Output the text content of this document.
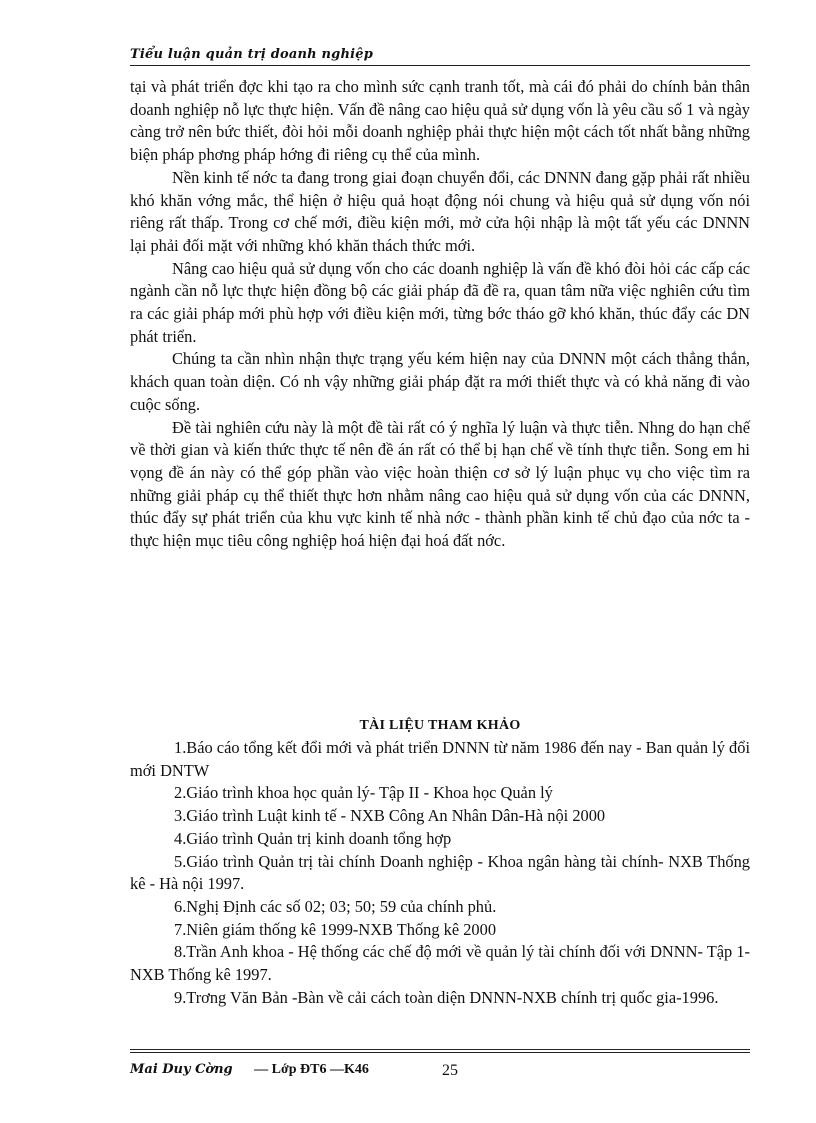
Tiểu luận quản trị doanh nghiệp

tại và phát triển đợc khi tạo ra cho mình sức cạnh tranh tốt, mà cái đó phải do chính bản thân doanh nghiệp nỗ lực thực hiện. Vấn đề nâng cao hiệu quả sử dụng vốn là yêu cầu số 1 và ngày càng trở nên bức thiết, đòi hỏi mỗi doanh nghiệp phải thực hiện một cách tốt nhất bằng những biện pháp phơng pháp hớng đi riêng cụ thể của mình.

Nền kinh tế nớc ta đang trong giai đoạn chuyển đổi, các DNNN đang gặp phải rất nhiều khó khăn vớng mắc, thể hiện ở hiệu quả hoạt động nói chung và hiệu quả sử dụng vốn nói riêng rất thấp. Trong cơ chế mới, điều kiện mới, mở cửa hội nhập là một tất yếu các DNNN lại phải đối mặt với những khó khăn thách thức mới.

Nâng cao hiệu quả sử dụng vốn cho các doanh nghiệp là vấn đề khó đòi hỏi các cấp các ngành cần nỗ lực thực hiện đồng bộ các giải pháp đã đề ra, quan tâm nữa việc nghiên cứu tìm ra các giải pháp mới phù hợp với điều kiện mới, từng bớc tháo gỡ khó khăn, thúc đẩy các DN phát triển.

Chúng ta cần nhìn nhận thực trạng yếu kém hiện nay của DNNN một cách thẳng thắn, khách quan toàn diện. Có nh vậy những giải pháp đặt ra mới thiết thực và có khả năng đi vào cuộc sống.

Đề tài nghiên cứu này là một đề tài rất có ý nghĩa lý luận và thực tiễn. Nhng do hạn chế về thời gian và kiến thức thực tế nên đề án rất có thể bị hạn chế về tính thực tiễn. Song em hi vọng đề án này có thể góp phần vào việc hoàn thiện cơ sở lý luận phục vụ cho việc tìm ra những giải pháp cụ thể thiết thực hơn nhằm nâng cao hiệu quả sử dụng vốn của các DNNN, thúc đẩy sự phát triển của khu vực kinh tế nhà nớc - thành phần kinh tế chủ đạo của nớc ta - thực hiện mục tiêu công nghiệp hoá hiện đại hoá đất nớc.

TÀI LIỆU THAM KHẢO

1.Báo cáo tổng kết đổi mới và phát triển DNNN từ năm 1986 đến nay - Ban quản lý đổi mới DNTW

2.Giáo trình khoa học quản lý- Tập II - Khoa học Quản lý

3.Giáo trình Luật kinh tế - NXB Công An Nhân Dân-Hà nội 2000

4.Giáo trình Quản trị kinh doanh tổng hợp

5.Giáo trình Quản trị tài chính Doanh nghiệp - Khoa ngân hàng tài chính- NXB Thống kê - Hà nội 1997.

6.Nghị Định các số 02; 03; 50; 59 của chính phủ.

7.Niên giám thống kê 1999-NXB Thống kê 2000

8.Trần Anh khoa - Hệ thống các chế độ mới về quản lý tài chính đối với DNNN- Tập 1- NXB Thống kê 1997.

9.Trơng Văn Bản -Bàn về cải cách toàn diện DNNN-NXB chính trị quốc gia-1996.

Mai Duy Cờng — Lớp ĐT6 —K46	25
